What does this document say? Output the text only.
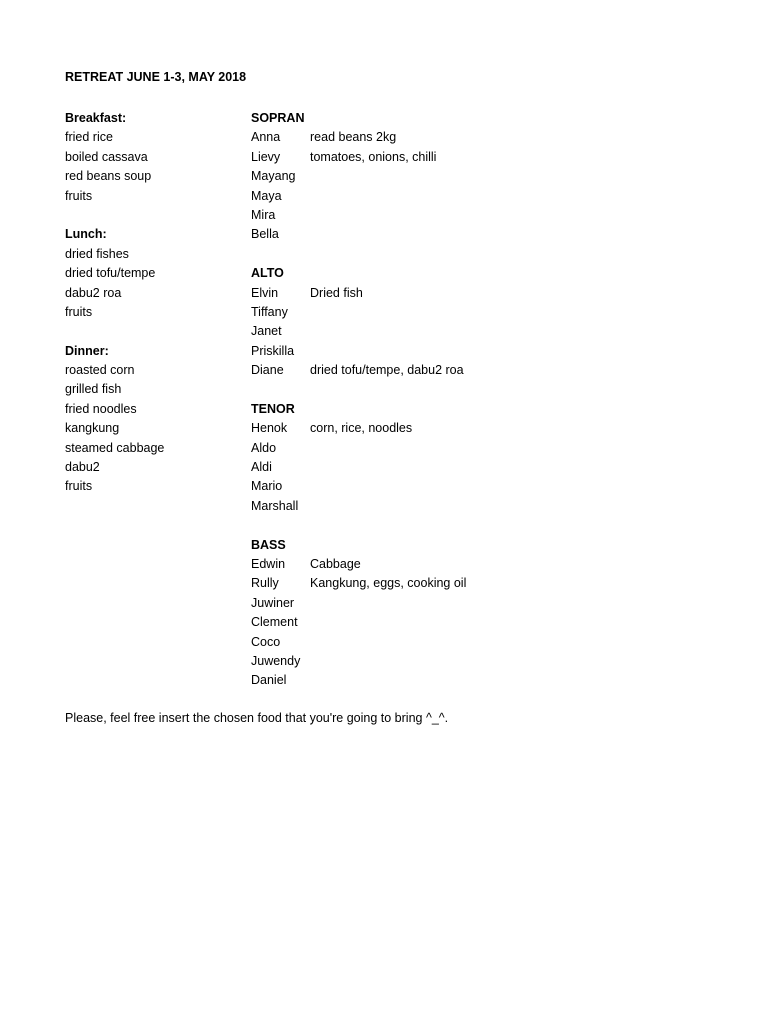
RETREAT JUNE 1-3, MAY 2018
Breakfast:
fried rice
boiled cassava
red beans soup
fruits
Lunch:
dried fishes
dried tofu/tempe
dabu2 roa
fruits
Dinner:
roasted corn
grilled fish
fried noodles
kangkung
steamed cabbage
dabu2
fruits
SOPRAN
Anna
Lievy
Mayang
Maya
Mira
Bella
ALTO
Elvin
Tiffany
Janet
Priskilla
Diane
TENOR
Henok
Aldo
Aldi
Mario
Marshall
BASS
Edwin
Rully
Juwiner
Clement
Coco
Juwendy
Daniel
read beans 2kg
tomatoes, onions, chilli
Dried fish
dried tofu/tempe, dabu2 roa
corn, rice, noodles
Cabbage
Kangkung, eggs, cooking oil
Please, feel free insert the chosen food that you're going to bring ^_^.
